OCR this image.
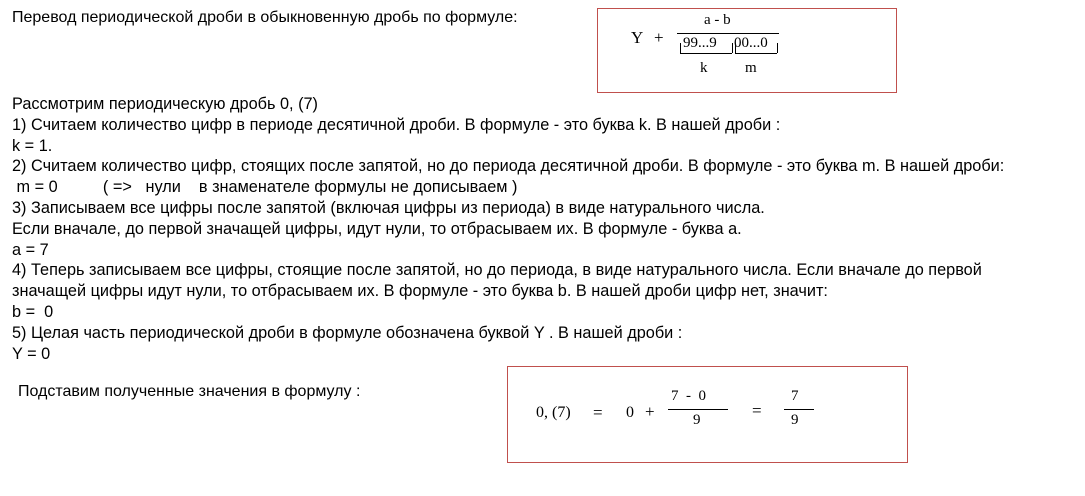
Перевод периодической дроби в обыкновенную дробь по формуле:
Y +
a - b
99...9 00...0
k	m
Рассмотрим периодическую дробь 0, (7)
1) Считаем количество цифр в периоде десятичной дроби. В формуле - это буква k. В нашей дроби :
k = 1.
2) Считаем количество цифр, стоящих после запятой, но до периода десятичной дроби. В формуле - это буква m. В нашей дроби:
m = 0          ( =>   нули    в знаменателе формулы не дописываем )
3) Записываем все цифры после запятой (включая цифры из периода) в виде натурального числа.
Если вначале, до первой значащей цифры, идут нули, то отбрасываем их. В формуле - буква a.
a = 7
4) Теперь записываем все цифры, стоящие после запятой, но до периода, в виде натурального числа. Если вначале до первой
значащей цифры идут нули, то отбрасываем их. В формуле - это буква b. В нашей дроби цифр нет, значит:
b =  0
5) Целая часть периодической дроби в формуле обозначена буквой Y . В нашей дроби :
Y = 0
Подставим полученные значения в формулу :
0, (7) = 0 +
7  -  0
9	=
7
9
